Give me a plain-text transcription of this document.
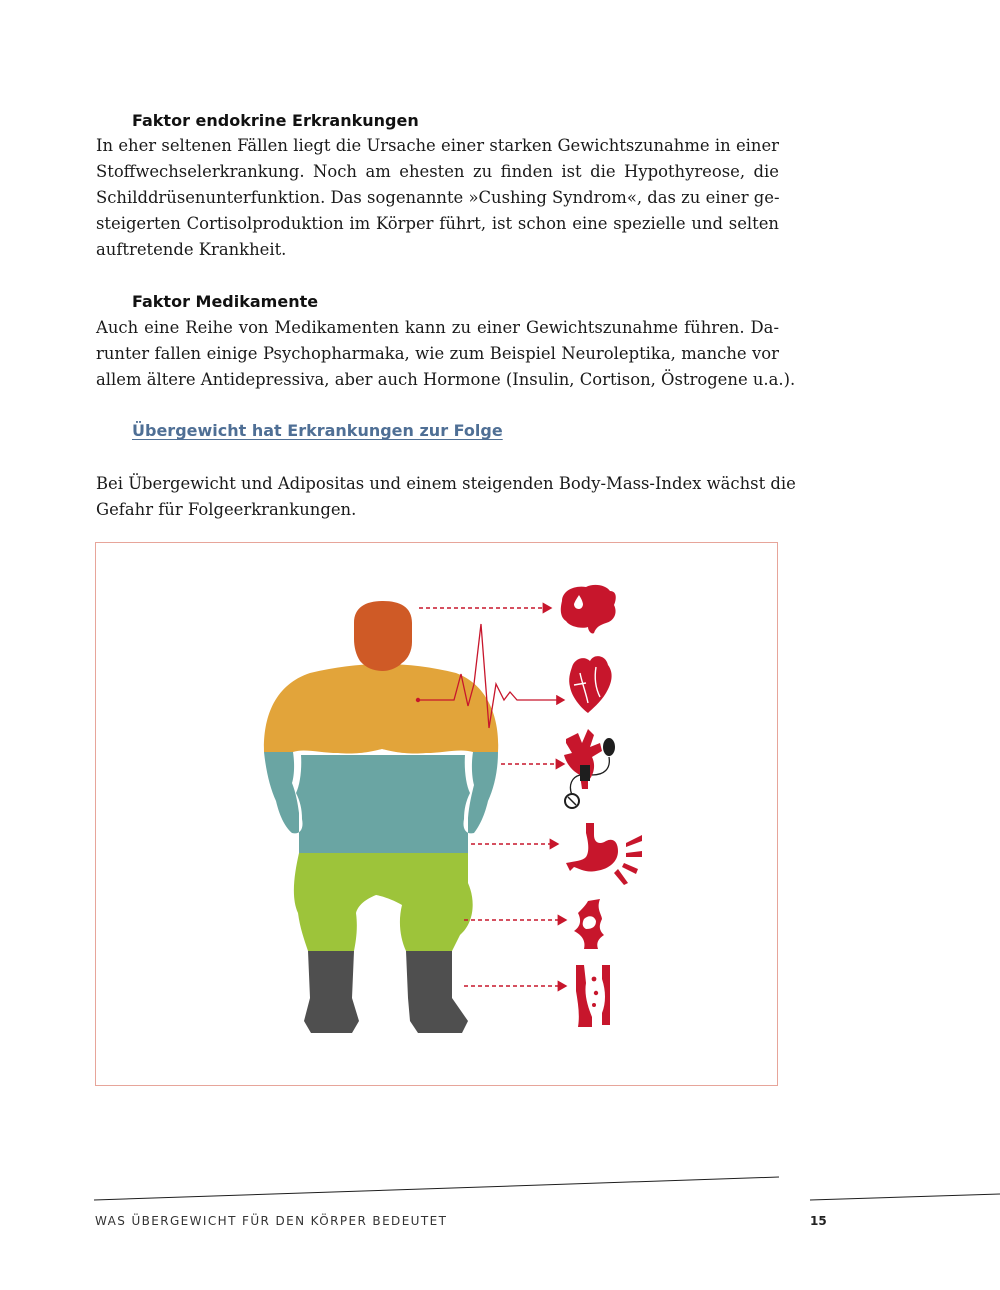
Faktor endokrine Erkrankungen
In eher seltenen Fällen liegt die Ursache einer starken Gewichtszunahme in einer
Stoffwechselerkrankung. Noch am ehesten zu finden ist die Hypothyreose, die
Schilddrüsenunterfunktion. Das sogenannte »Cushing Syndrom«, das zu einer ge-
steigerten Cortisolproduktion im Körper führt, ist schon eine spezielle und selten
auftretende Krankheit.
Faktor Medikamente
Auch eine Reihe von Medikamenten kann zu einer Gewichtszunahme führen. Da-
runter fallen einige Psychopharmaka, wie zum Beispiel Neuroleptika, manche vor
allem ältere Antidepressiva, aber auch Hormone (Insulin, Cortison, Östrogene u.a.).
Übergewicht hat Erkrankungen zur Folge
Bei Übergewicht und Adipositas und einem steigenden Body-Mass-Index wächst die
Gefahr für Folgeerkrankungen.
WAS ÜBERGEWICHT FÜR DEN KÖRPER BEDEUTET	15
